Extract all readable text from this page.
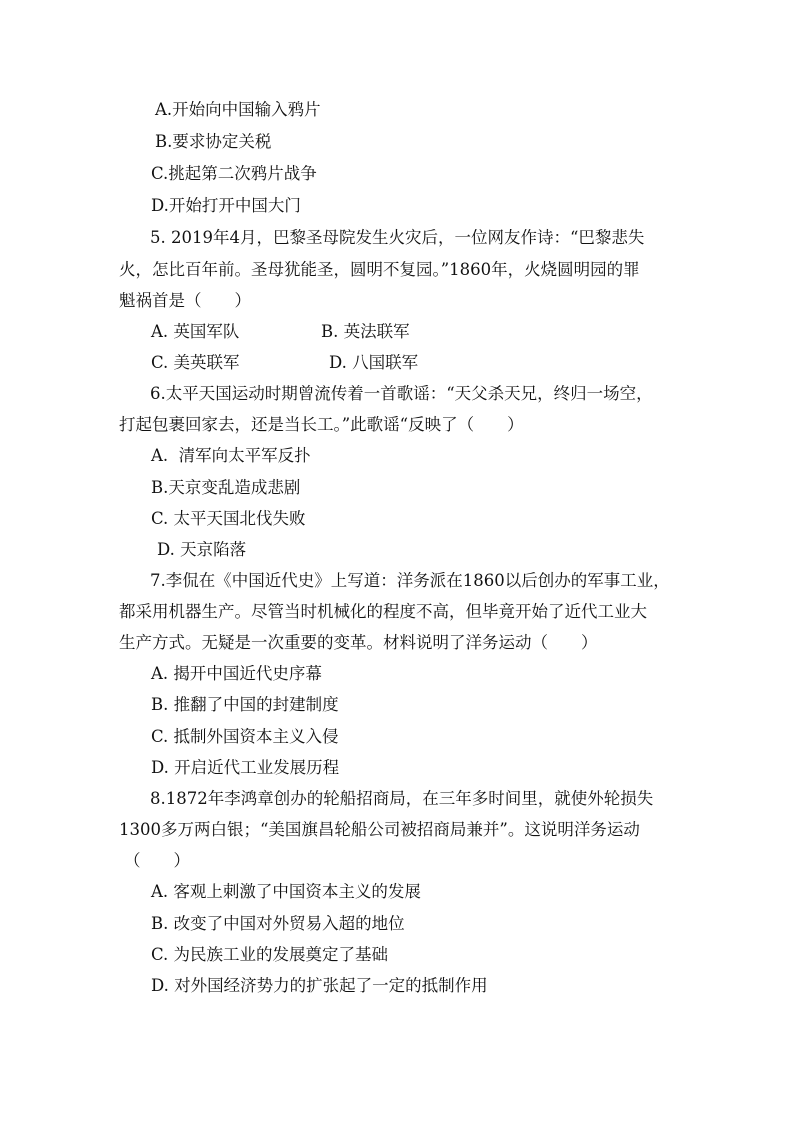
A.开始向中国输入鸦片
B.要求协定关税
C.挑起第二次鸦片战争
D.开始打开中国大门
5. 2019年4月，巴黎圣母院发生火灾后，一位网友作诗：“巴黎悲失
火，怎比百年前。圣母犹能圣，圆明不复园。”1860年，火烧圆明园的罪
魁祸首是（　　）
A. 英国军队	B. 英法联军
C. 美英联军	D. 八国联军
6.太平天国运动时期曾流传着一首歌谣：“天父杀天兄，终归一场空，
打起包裹回家去，还是当长工。”此歌谣“反映了（　　）
A.  清军向太平军反扑
B.天京变乱造成悲剧
C. 太平天国北伐失败
D. 天京陷落
7.李侃在《中国近代史》上写道：洋务派在1860以后创办的军事工业，
都采用机器生产。尽管当时机械化的程度不高，但毕竟开始了近代工业大
生产方式。无疑是一次重要的变革。材料说明了洋务运动（　　）
A. 揭开中国近代史序幕
B. 推翻了中国的封建制度
C. 抵制外国资本主义入侵
D. 开启近代工业发展历程
8.1872年李鸿章创办的轮船招商局，在三年多时间里，就使外轮损失
1300多万两白银；“美国旗昌轮船公司被招商局兼并”。这说明洋务运动
（　　）
A. 客观上刺激了中国资本主义的发展
B. 改变了中国对外贸易入超的地位
C. 为民族工业的发展奠定了基础
D. 对外国经济势力的扩张起了一定的抵制作用
